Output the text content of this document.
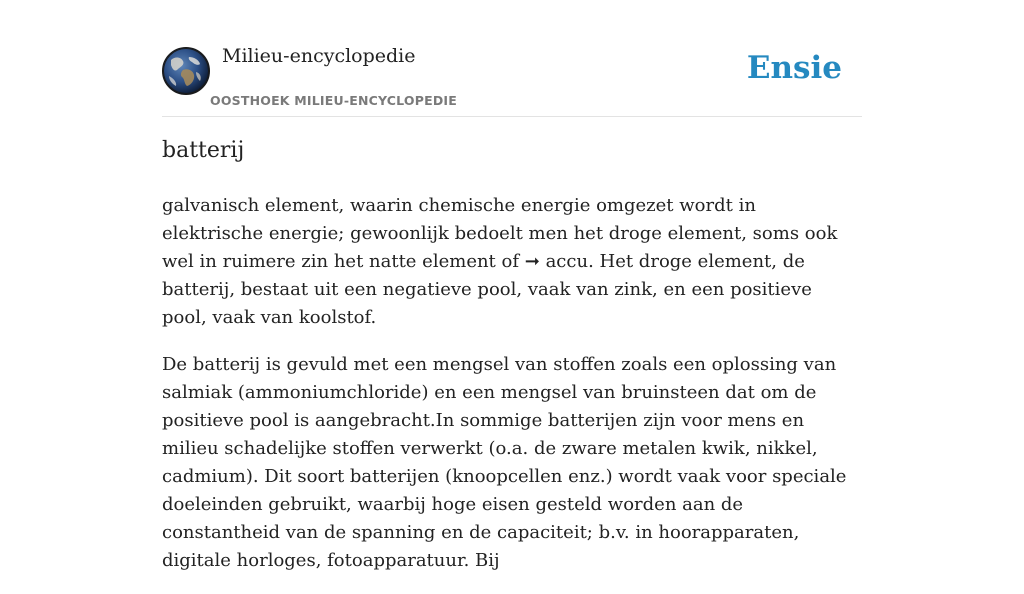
Milieu-encyclopedie
OOSTHOEK MILIEU-ENCYCLOPEDIE
Ensie
batterij

galvanisch element, waarin chemische energie omgezet wordt in elektrische energie; gewoonlijk bedoelt men het droge element, soms ook wel in ruimere zin het natte element of ➞ accu. Het droge element, de batterij, bestaat uit een negatieve pool, vaak van zink, en een positieve pool, vaak van koolstof.

De batterij is gevuld met een mengsel van stoffen zoals een oplossing van salmiak (ammoniumchloride) en een mengsel van bruinsteen dat om de positieve pool is aangebracht.In sommige batterijen zijn voor mens en milieu schadelijke stoffen verwerkt (o.a. de zware metalen kwik, nikkel, cadmium). Dit soort batterijen (knoopcellen enz.) wordt vaak voor speciale doeleinden gebruikt, waarbij hoge eisen gesteld worden aan de constantheid van de spanning en de capaciteit; b.v. in hoorapparaten, digitale horloges, fotoapparatuur. Bij
